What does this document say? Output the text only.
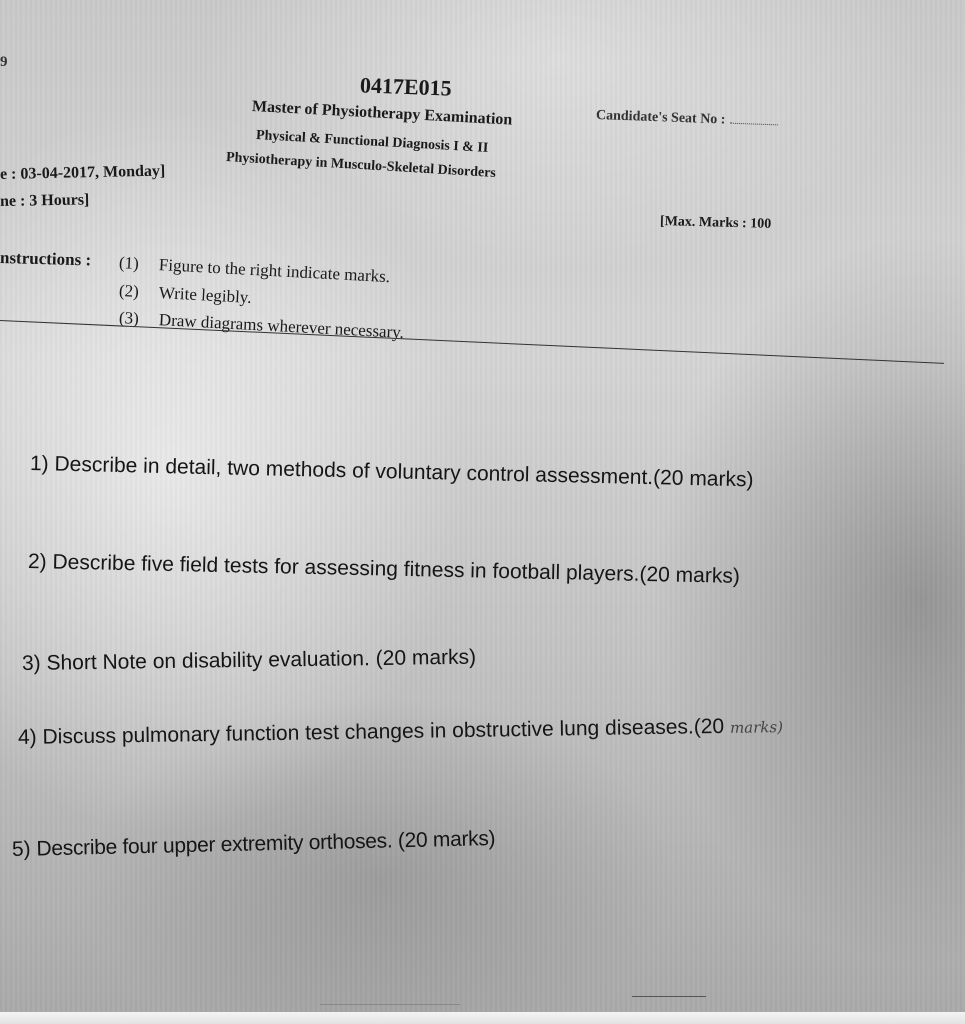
9
0417E015
Master of Physiotherapy Examination
Physical & Functional Diagnosis I & II
Physiotherapy in Musculo-Skeletal Disorders
Candidate's Seat No :
e : 03-04-2017, Monday]
ne : 3 Hours]
[Max. Marks : 100
nstructions : (1) Figure to the right indicate marks.
(2) Write legibly.
(3) Draw diagrams wherever necessary.
1) Describe in detail, two methods of voluntary control assessment.(20 marks)
2) Describe five field tests for assessing fitness in football players.(20 marks)
3) Short Note on disability evaluation. (20 marks)
4) Discuss pulmonary function test changes in obstructive lung diseases.(20 marks)
5) Describe four upper extremity orthoses. (20 marks)
